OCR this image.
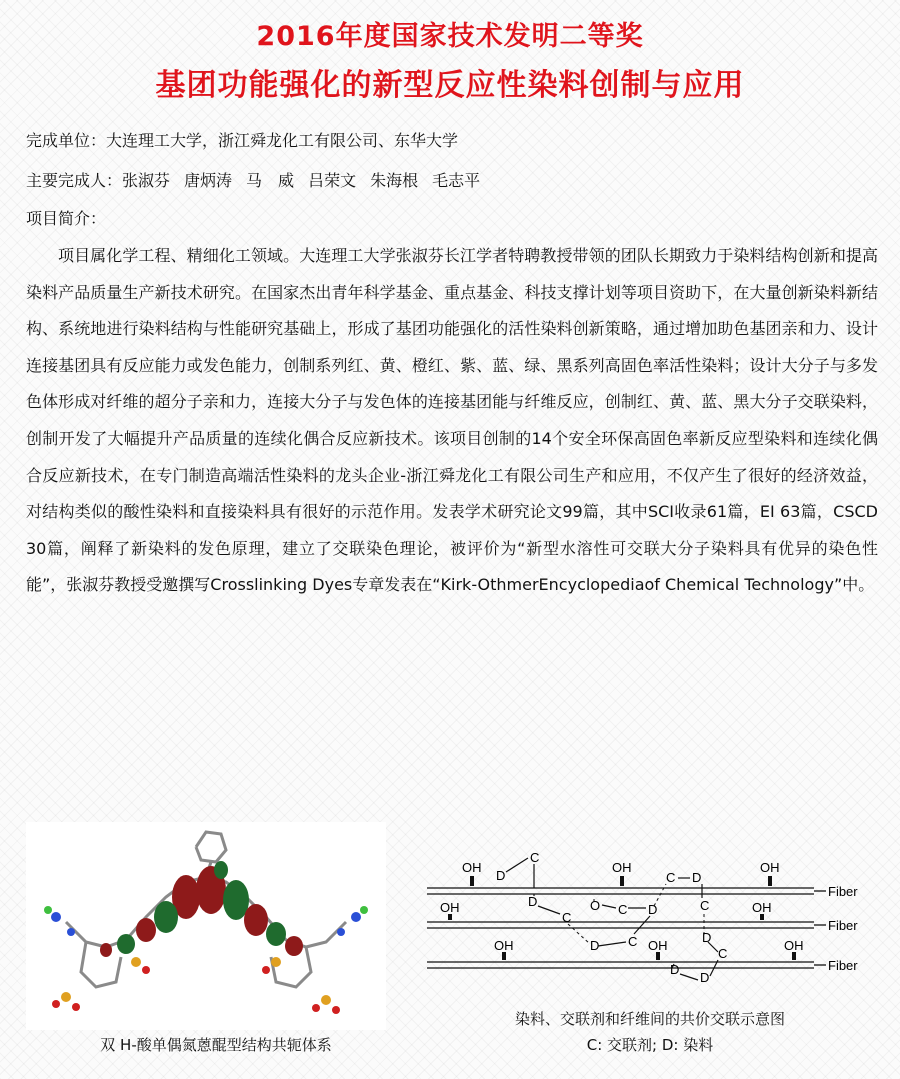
2016年度国家技术发明二等奖
基团功能强化的新型反应性染料创制与应用
完成单位：大连理工大学，浙江舜龙化工有限公司、东华大学
主要完成人：张淑芬 唐炳涛 马　威 吕荣文 朱海根 毛志平
项目简介：

项目属化学工程、精细化工领域。大连理工大学张淑芬长江学者特聘教授带领的团队长期致力于染料结构创新和提高染料产品质量生产新技术研究。在国家杰出青年科学基金、重点基金、科技支撑计划等项目资助下，在大量创新染料新结构、系统地进行染料结构与性能研究基础上，形成了基团功能强化的活性染料创新策略，通过增加助色基团亲和力、设计连接基团具有反应能力或发色能力，创制系列红、黄、橙红、紫、蓝、绿、黑系列高固色率活性染料；设计大分子与多发色体形成对纤维的超分子亲和力，连接大分子与发色体的连接基团能与纤维反应，创制红、黄、蓝、黑大分子交联染料，创制开发了大幅提升产品质量的连续化偶合反应新技术。该项目创制的14个安全环保高固色率新反应型染料和连续化偶合反应新技术，在专门制造高端活性染料的龙头企业-浙江舜龙化工有限公司生产和应用，不仅产生了很好的经济效益，对结构类似的酸性染料和直接染料具有很好的示范作用。发表学术研究论文99篇，其中SCI收录61篇，EI 63篇，CSCD 30篇，阐释了新染料的发色原理，建立了交联染色理论，被评价为“新型水溶性可交联大分子染料具有优异的染色性能”，张淑芬教授受邀撰写Crosslinking Dyes专章发表在“Kirk-OthmerEncyclopediaof Chemical Technology”中。

Fiber
Fiber
Fiber
OH	OH	OH
OH	OH
OH	OH	OH
C
D
D
C
O C D
C D
C
D C	D
C
D
D
双 H-酸单偶氮蒽醌型结构共轭体系
染料、交联剂和纤维间的共价交联示意图
C: 交联剂; D: 染料
